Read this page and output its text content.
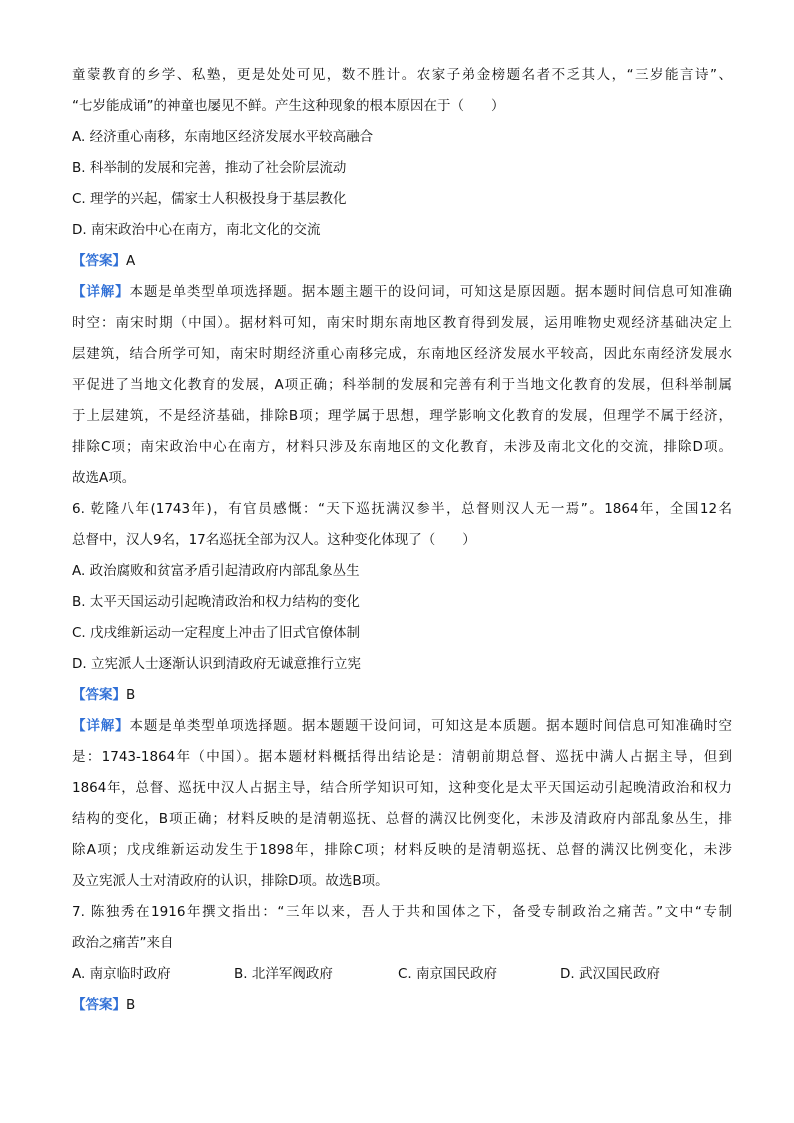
童蒙教育的乡学、私塾，更是处处可见，数不胜计。农家子弟金榜题名者不乏其人，“三岁能言诗”、
“七岁能成诵”的神童也屡见不鲜。产生这种现象的根本原因在于（　　）
A. 经济重心南移，东南地区经济发展水平较高融合
B. 科举制的发展和完善，推动了社会阶层流动
C. 理学的兴起，儒家士人积极投身于基层教化
D. 南宋政治中心在南方，南北文化的交流
【答案】A
【详解】本题是单类型单项选择题。据本题主题干的设问词，可知这是原因题。据本题时间信息可知准确
时空：南宋时期（中国）。据材料可知，南宋时期东南地区教育得到发展，运用唯物史观经济基础决定上
层建筑，结合所学可知，南宋时期经济重心南移完成，东南地区经济发展水平较高，因此东南经济发展水
平促进了当地文化教育的发展，A项正确；科举制的发展和完善有利于当地文化教育的发展，但科举制属
于上层建筑，不是经济基础，排除B项；理学属于思想，理学影响文化教育的发展，但理学不属于经济，
排除C项；南宋政治中心在南方，材料只涉及东南地区的文化教育，未涉及南北文化的交流，排除D项。
故选A项。
6. 乾隆八年(1743年)，有官员感慨：“天下巡抚满汉参半，总督则汉人无一焉”。1864年，全国12名
总督中，汉人9名，17名巡抚全部为汉人。这种变化体现了（　　）
A. 政治腐败和贫富矛盾引起清政府内部乱象丛生
B. 太平天国运动引起晚清政治和权力结构的变化
C. 戊戌维新运动一定程度上冲击了旧式官僚体制
D. 立宪派人士逐渐认识到清政府无诚意推行立宪
【答案】B
【详解】本题是单类型单项选择题。据本题题干设问词，可知这是本质题。据本题时间信息可知准确时空
是：1743-1864年（中国）。据本题材料概括得出结论是：清朝前期总督、巡抚中满人占据主导，但到
1864年，总督、巡抚中汉人占据主导，结合所学知识可知，这种变化是太平天国运动引起晚清政治和权力
结构的变化，B项正确；材料反映的是清朝巡抚、总督的满汉比例变化，未涉及清政府内部乱象丛生，排
除A项；戊戌维新运动发生于1898年，排除C项；材料反映的是清朝巡抚、总督的满汉比例变化，未涉
及立宪派人士对清政府的认识，排除D项。故选B项。
7. 陈独秀在1916年撰文指出：“三年以来，吾人于共和国体之下，备受专制政治之痛苦。”文中“专制
政治之痛苦”来自
A. 南京临时政府	B. 北洋军阀政府	C. 南京国民政府	D. 武汉国民政府
【答案】B
